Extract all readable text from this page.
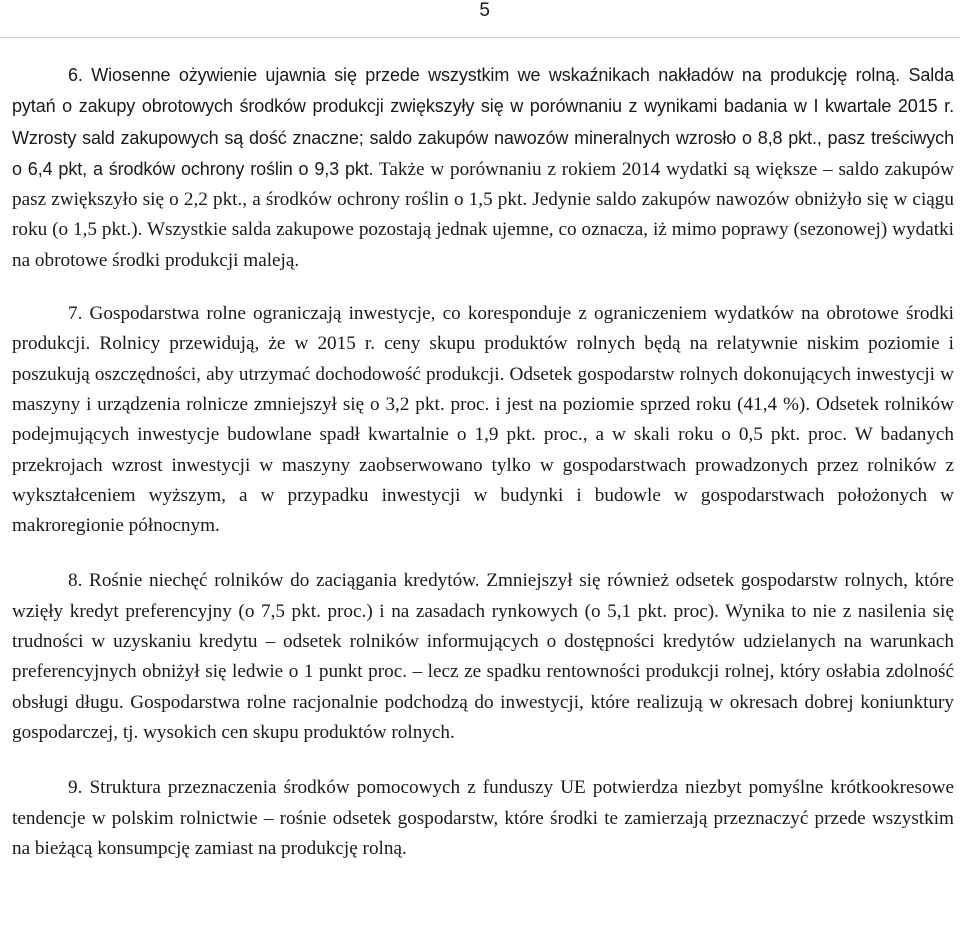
5

6. Wiosenne ożywienie ujawnia się przede wszystkim we wskaźnikach nakładów na produkcję rolną. Salda pytań o zakupy obrotowych środków produkcji zwiększyły się w porównaniu z wynikami badania w I kwartale 2015 r. Wzrosty sald zakupowych są dość znaczne; saldo zakupów nawozów mineralnych wzrosło o 8,8 pkt., pasz treściwych o 6,4 pkt, a środków ochrony roślin o 9,3 pkt. Także w porównaniu z rokiem 2014 wydatki są większe – saldo zakupów pasz zwiększyło się o 2,2 pkt., a środków ochrony roślin o 1,5 pkt. Jedynie saldo zakupów nawozów obniżyło się w ciągu roku (o 1,5 pkt.). Wszystkie salda zakupowe pozostają jednak ujemne, co oznacza, iż mimo poprawy (sezonowej) wydatki na obrotowe środki produkcji maleją.

7. Gospodarstwa rolne ograniczają inwestycje, co koresponduje z ograniczeniem wydatków na obrotowe środki produkcji. Rolnicy przewidują, że w 2015 r. ceny skupu produktów rolnych będą na relatywnie niskim poziomie i poszukują oszczędności, aby utrzymać dochodowość produkcji. Odsetek gospodarstw rolnych dokonujących inwestycji w maszyny i urządzenia rolnicze zmniejszył się o 3,2 pkt. proc. i jest na poziomie sprzed roku (41,4 %). Odsetek rolników podejmujących inwestycje budowlane spadł kwartalnie o 1,9 pkt. proc., a w skali roku o 0,5 pkt. proc. W badanych przekrojach wzrost inwestycji w maszyny zaobserwowano tylko w gospodarstwach prowadzonych przez rolników z wykształceniem wyższym, a w przypadku inwestycji w budynki i budowle w gospodarstwach położonych w makroregionie północnym.

8. Rośnie niechęć rolników do zaciągania kredytów. Zmniejszył się również odsetek gospodarstw rolnych, które wzięły kredyt preferencyjny (o 7,5 pkt. proc.) i na zasadach rynkowych (o 5,1 pkt. proc). Wynika to nie z nasilenia się trudności w uzyskaniu kredytu – odsetek rolników informujących o dostępności kredytów udzielanych na warunkach preferencyjnych obniżył się ledwie o 1 punkt proc. – lecz ze spadku rentowności produkcji rolnej, który osłabia zdolność obsługi długu. Gospodarstwa rolne racjonalnie podchodzą do inwestycji, które realizują w okresach dobrej koniunktury gospodarczej, tj. wysokich cen skupu produktów rolnych.

9. Struktura przeznaczenia środków pomocowych z funduszy UE potwierdza niezbyt pomyślne krótkookresowe tendencje w polskim rolnictwie – rośnie odsetek gospodarstw, które środki te zamierzają przeznaczyć przede wszystkim na bieżącą konsumpcję zamiast na produkcję rolną.
